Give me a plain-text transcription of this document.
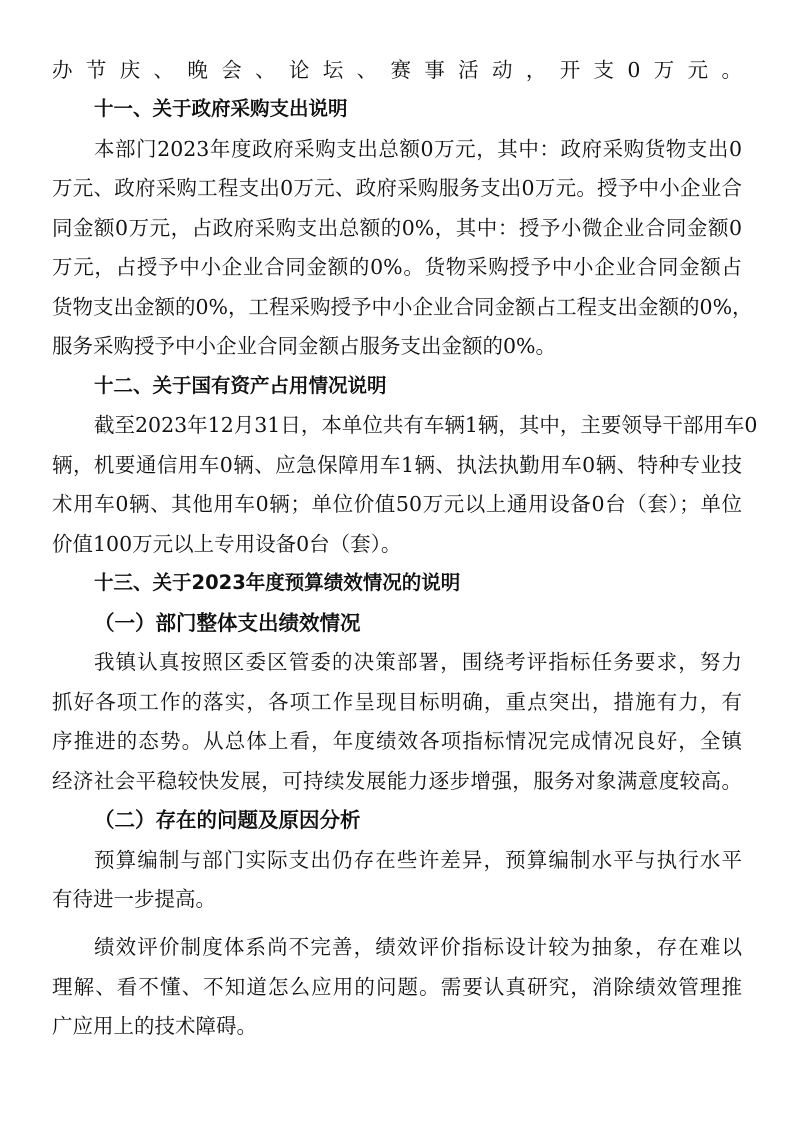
办节庆、晚会、论坛、赛事活动，开支0万元。
十一、关于政府采购支出说明
本部门2023年度政府采购支出总额0万元，其中：政府采购货物支出0
万元、政府采购工程支出0万元、政府采购服务支出0万元。授予中小企业合
同金额0万元，占政府采购支出总额的0%，其中：授予小微企业合同金额0
万元，占授予中小企业合同金额的0%。货物采购授予中小企业合同金额占
货物支出金额的0%，工程采购授予中小企业合同金额占工程支出金额的0%，
服务采购授予中小企业合同金额占服务支出金额的0%。
十二、关于国有资产占用情况说明
截至2023年12月31日，本单位共有车辆1辆，其中，主要领导干部用车0
辆，机要通信用车0辆、应急保障用车1辆、执法执勤用车0辆、特种专业技
术用车0辆、其他用车0辆；单位价值50万元以上通用设备0台（套）；单位
价值100万元以上专用设备0台（套）。
十三、关于2023年度预算绩效情况的说明
（一）部门整体支出绩效情况
我镇认真按照区委区管委的决策部署，围绕考评指标任务要求，努力
抓好各项工作的落实，各项工作呈现目标明确，重点突出，措施有力，有
序推进的态势。从总体上看，年度绩效各项指标情况完成情况良好，全镇
经济社会平稳较快发展，可持续发展能力逐步增强，服务对象满意度较高。
（二）存在的问题及原因分析
预算编制与部门实际支出仍存在些许差异，预算编制水平与执行水平
有待进一步提高。
绩效评价制度体系尚不完善，绩效评价指标设计较为抽象，存在难以
理解、看不懂、不知道怎么应用的问题。需要认真研究，消除绩效管理推
广应用上的技术障碍。
